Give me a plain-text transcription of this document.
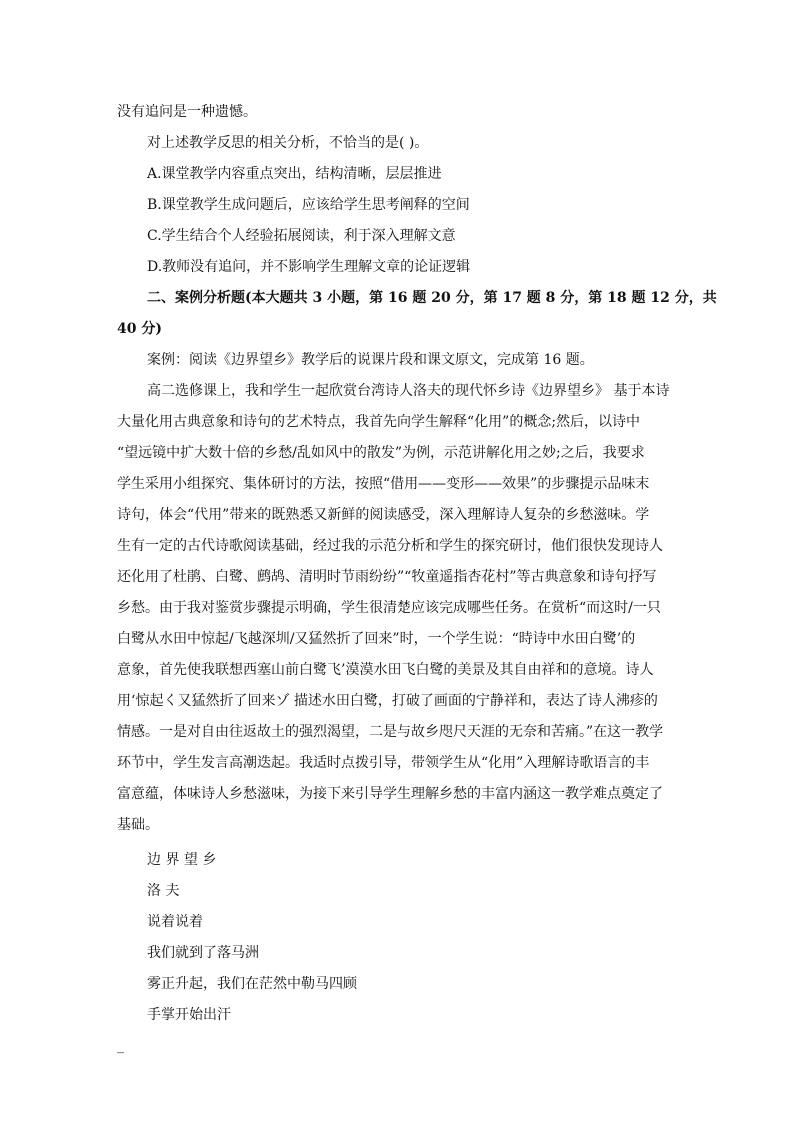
没有追问是一种遗憾。
对上述教学反思的相关分析，不恰当的是( )。
A.课堂教学内容重点突出，结构清晰，层层推进
B.课堂教学生成问题后，应该给学生思考阐释的空间
C.学生结合个人经验拓展阅读，利于深入理解文意
D.教师没有追问，并不影响学生理解文章的论证逻辑
二、案例分析题(本大题共 3 小题，第 16 题 20 分，第 17 题 8 分，第 18 题 12 分，共
40 分)
案例：阅读《边界望乡》教学后的说课片段和课文原文，完成第 16 题。
高二选修课上，我和学生一起欣赏台湾诗人洛夫的现代怀乡诗《边界望乡》 基于本诗
大量化用古典意象和诗句的艺术特点，我首先向学生解释“化用”的概念;然后，以诗中
“望远镜中扩大数十倍的乡愁/乱如风中的散发”为例，示范讲解化用之妙;之后，我要求
学生采用小组探究、集体研讨的方法，按照“借用——变形——效果”的步骤提示品味末
诗句，体会“代用”带来的既熟悉又新鲜的阅读感受，深入理解诗人复杂的乡愁滋味。学
生有一定的古代诗歌阅读基础，经过我的示范分析和学生的探究研讨，他们很快发现诗人
还化用了杜鹃、白鹭、鹧鸪、清明时节雨纷纷”“牧童遥指杏花村”等古典意象和诗句抒写
乡愁。由于我对鉴赏步骤提示明确，学生很清楚应该完成哪些任务。在赏析“而这时/一只
白鹭从水田中惊起/飞越深圳/又猛然折了回来”时，一个学生说：“時诗中水田白鹭’的
意象，首先使我联想西塞山前白鹭飞’漠漠水田飞白鹭的美景及其自由祥和的意境。诗人
用‘惊起く又猛然折了回来ゾ 描述水田白鹭，打破了画面的宁静祥和，表达了诗人沸疹的
情感。一是对自由往返故土的强烈渴望，二是与故乡咫尺天涯的无奈和苦痛。”在这一教学
环节中，学生发言高潮迭起。我适时点拨引导，带领学生从“化用”入理解诗歌语言的丰
富意蕴，体味诗人乡愁滋味，为接下来引导学生理解乡愁的丰富内涵这一教学难点奠定了
基础。
边 界 望 乡
洛 夫
说着说着
我们就到了落马洲
雾正升起，我们在茫然中勒马四顾
手掌开始出汗
_
